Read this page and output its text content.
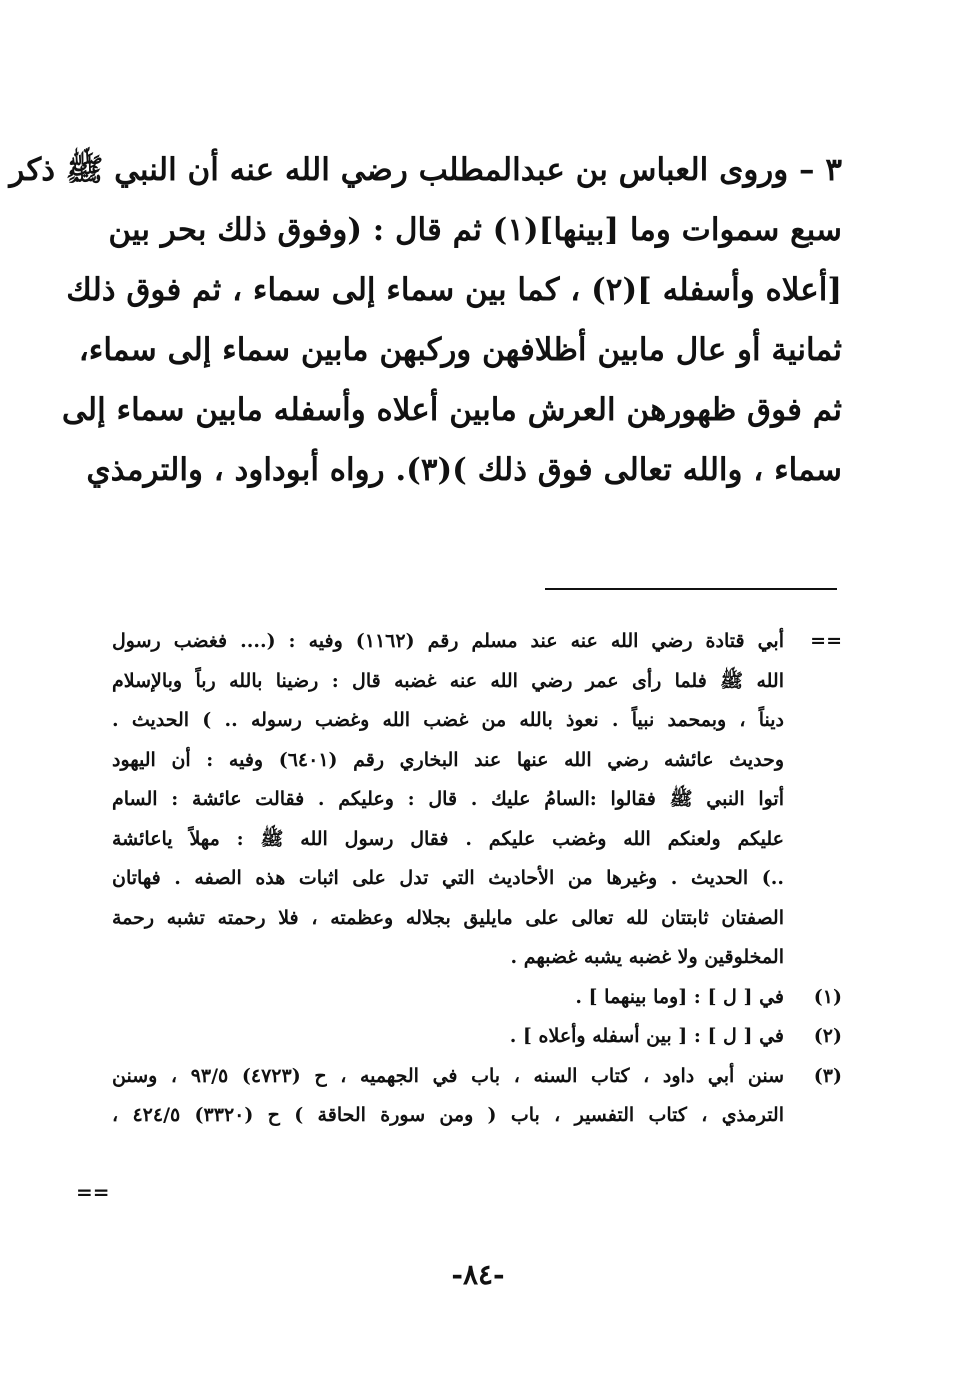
٣ – وروى العباس بن عبدالمطلب رضي الله عنه أن النبي ﷺ ذكر
سبع سموات وما [بينها](١) ثم قال : (وفوق ذلك بحر بين
[أعلاه وأسفله ](٢) ، كما بين سماء إلى سماء ، ثم فوق ذلك
ثمانية أو عال مابين أظلافهن وركبهن مابين سماء إلى سماء،
ثم فوق ظهورهن العرش مابين أعلاه وأسفله مابين سماء إلى
سماء ، والله تعالى فوق ذلك )(٣). رواه أبوداود ، والترمذي
==
أبي قتادة رضي الله عنه عند مسلم رقم (١١٦٢) وفيه : (.... فغضب رسول
الله ﷺ فلما رأى عمر رضي الله عنه غضبه قال : رضينا بالله رباً وبالإسلام
ديناً ، وبمحمد نبياً . نعوذ بالله من غضب الله وغضب رسوله .. ) الحديث .
وحديث عائشه رضي الله عنها عند البخاري رقم (٦٤٠١) وفيه : أن اليهود
أتوا النبي ﷺ فقالوا :السامُ عليك . قال : وعليكم . فقالت عائشة : السام
عليكم ولعنكم الله وغضب عليكم . فقال رسول الله ﷺ : مهلاً ياعائشة
..) الحديث . وغيرها من الأحاديث التي تدل على اثبات هذه الصفه . فهاتان
الصفتان ثابتتان لله تعالى على مايليق بجلاله وعظمته ، فلا رحمته تشبه رحمة
المخلوقين ولا غضبه يشبه غضبهم .
(١)
في [ ل ] : [وما بينهما ] .
(٢)
في [ ل ] : [ بين أسفله وأعلاه ] .
(٣)
سنن أبي داود ، كتاب السنه ، باب في الجهميه ، ح (٤٧٢٣) ٩٣/٥ ، وسنن
الترمذي ، كتاب التفسير ، باب ( ومن سورة الحاقة ) ح (٣٣٢٠) ٤٢٤/٥ ،
==
-٨٤-
